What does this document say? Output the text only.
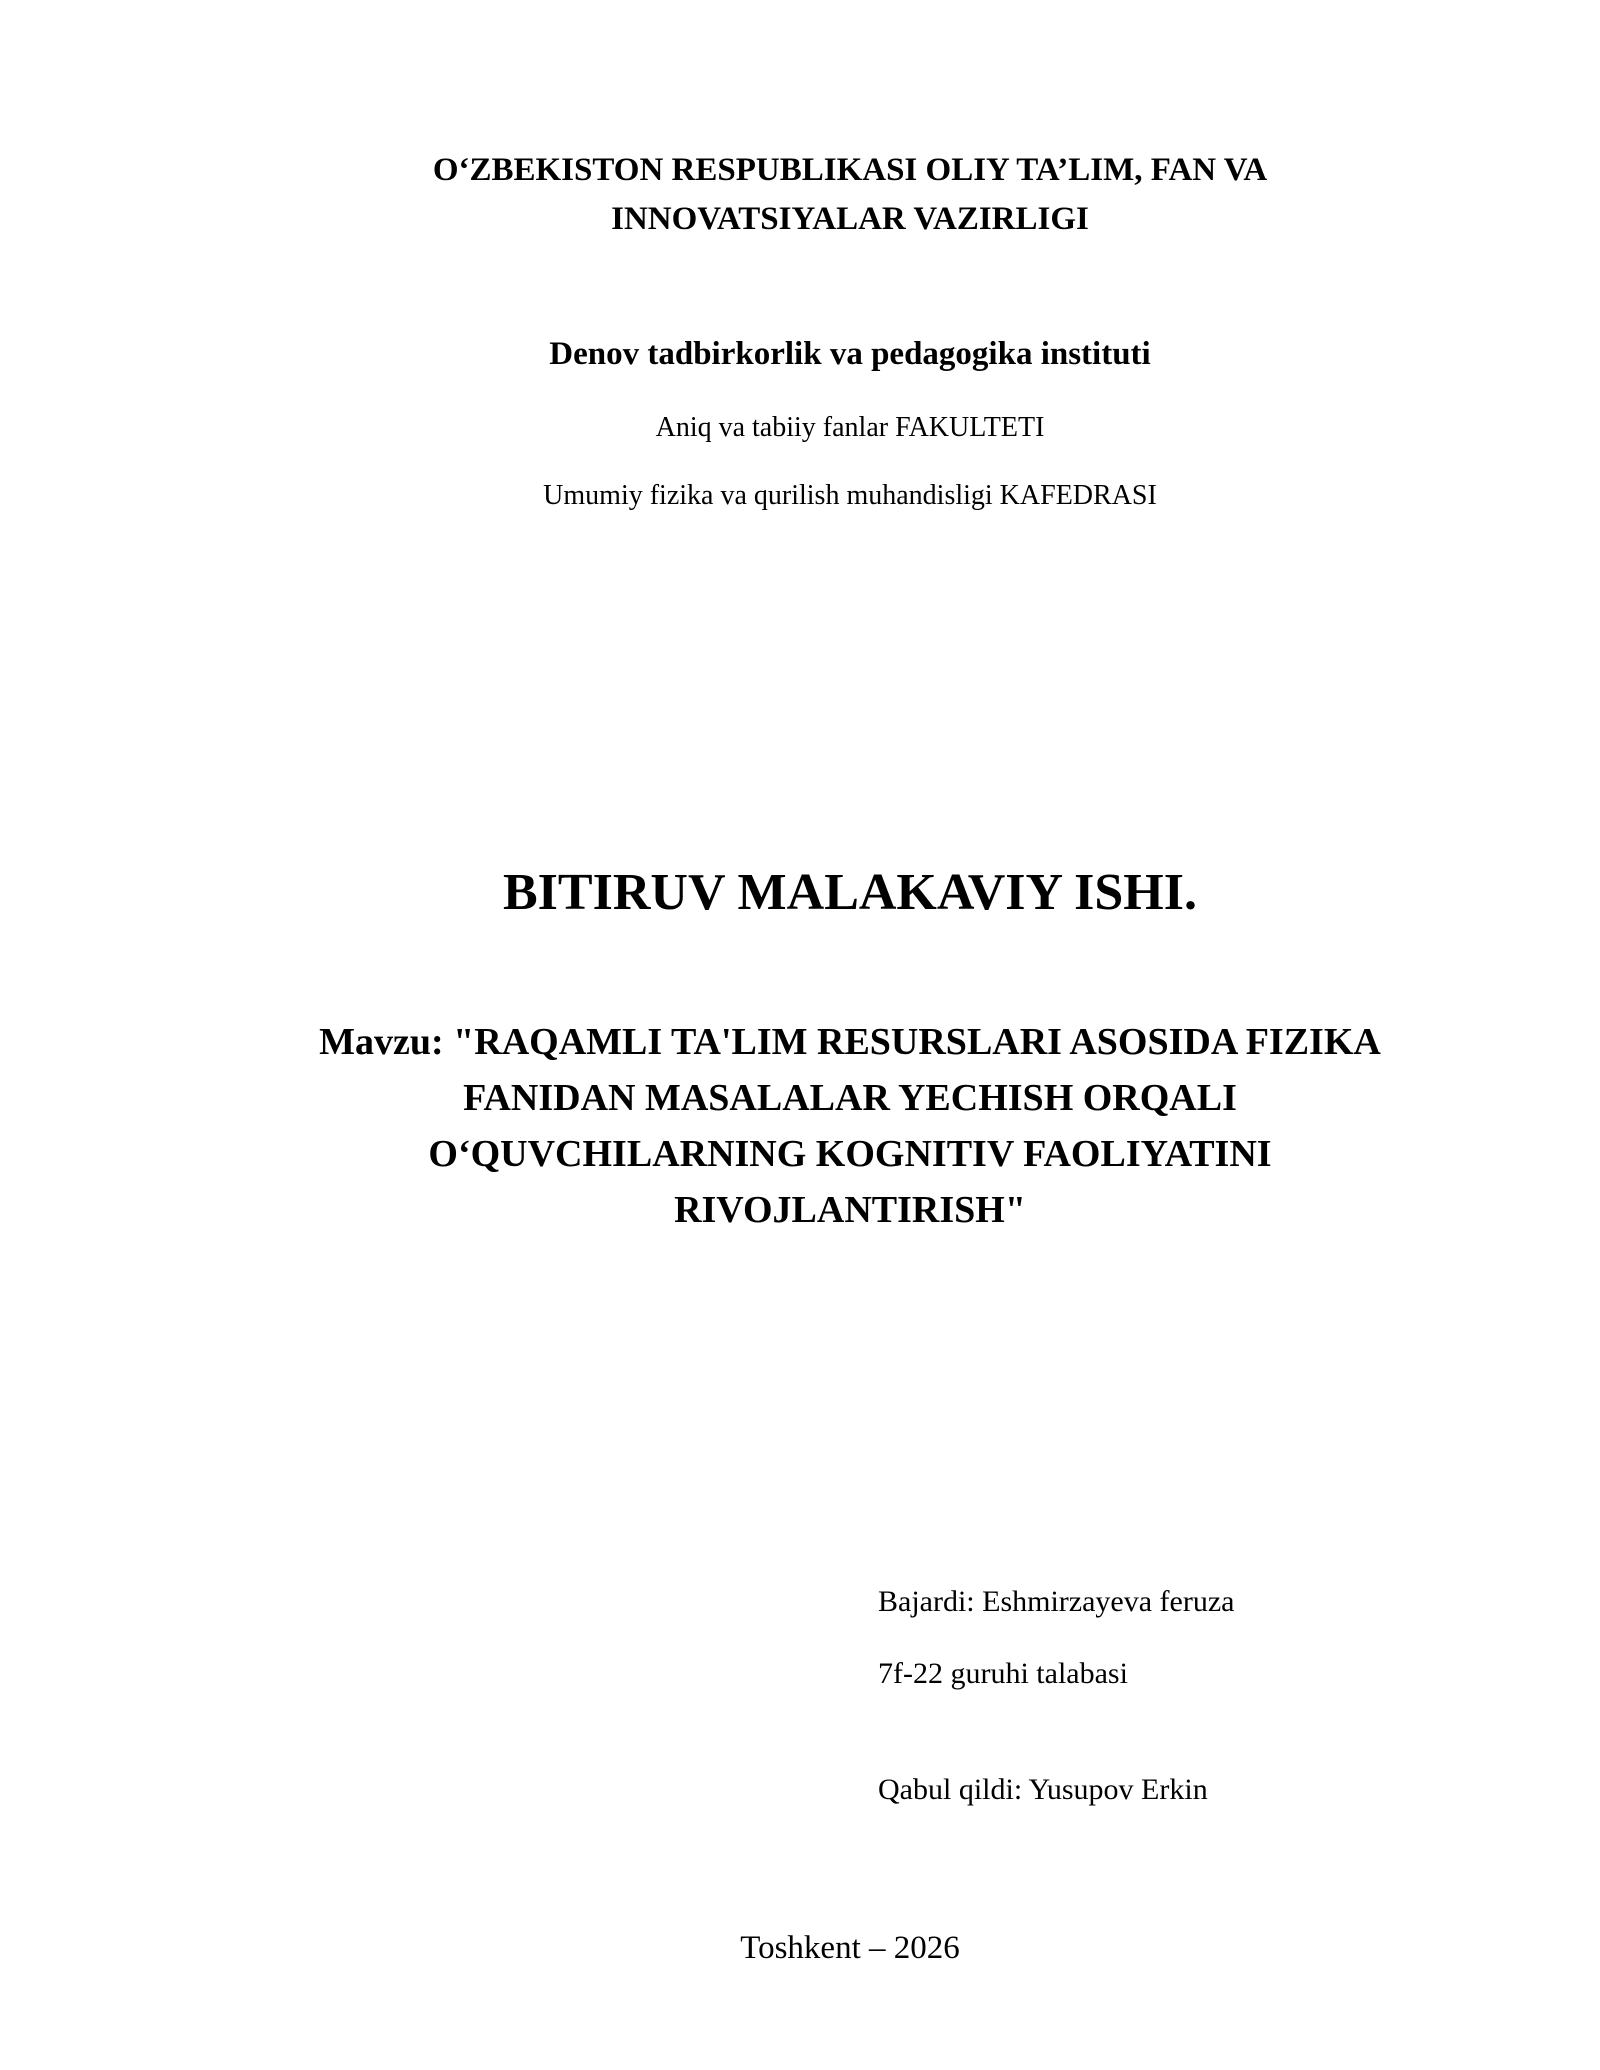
O‘ZBEKISTON RESPUBLIKASI OLIY TA’LIM, FAN VA
INNOVATSIYALAR VAZIRLIGI
Denov tadbirkorlik va pedagogika instituti
Aniq va tabiiy fanlar FAKULTETI
Umumiy fizika va qurilish muhandisligi KAFEDRASI
BITIRUV MALAKAVIY ISHI.
Mavzu: "RAQAMLI TA'LIM RESURSLARI ASOSIDA FIZIKA
FANIDAN MASALALAR YECHISH ORQALI
O‘QUVCHILARNING KOGNITIV FAOLIYATINI
RIVOJLANTIRISH"
Bajardi: Eshmirzayeva feruza
7f-22 guruhi talabasi
Qabul qildi: Yusupov Erkin
Toshkent – 2026
